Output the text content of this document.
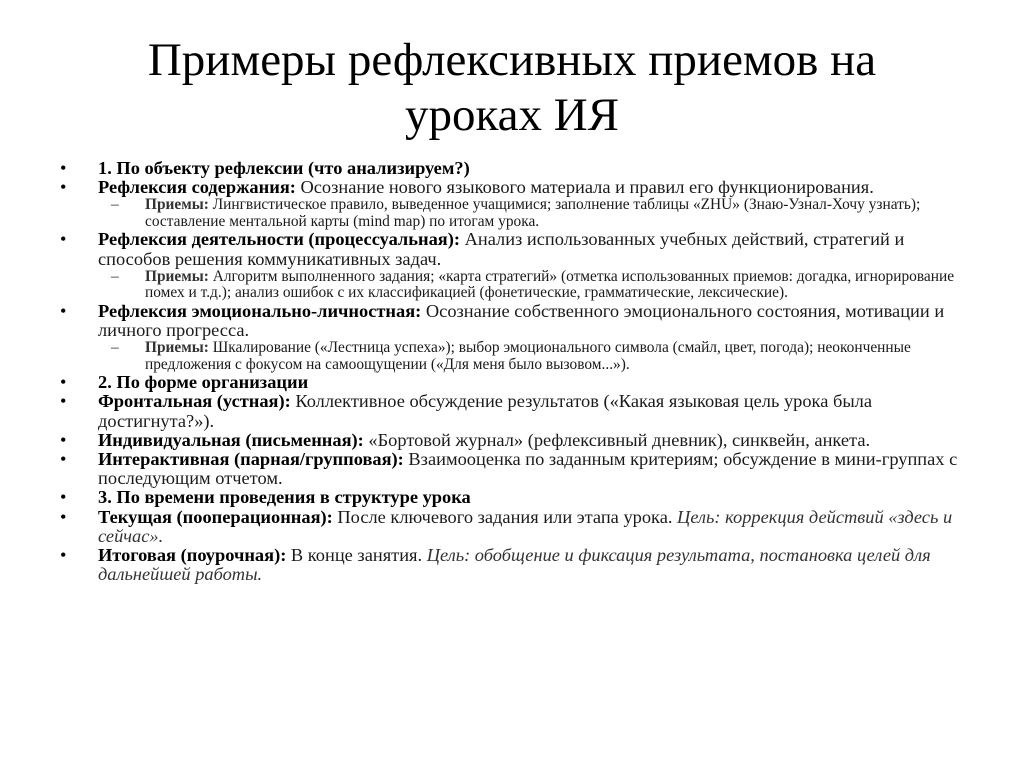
Примеры рефлексивных приемов на
уроках ИЯ
•	1. По объекту рефлексии (что анализируем?)
•	Рефлексия содержания: Осознание нового языкового материала и правил его функционирования.
– Приемы: Лингвистическое правило, выведенное учащимися; заполнение таблицы «ZHU» (Знаю-Узнал-Хочу узнать); составление ментальной карты (mind map) по итогам урока.
•	Рефлексия деятельности (процессуальная): Анализ использованных учебных действий, стратегий и способов решения коммуникативных задач.
– Приемы: Алгоритм выполненного задания; «карта стратегий» (отметка использованных приемов: догадка, игнорирование помех и т.д.); анализ ошибок с их классификацией (фонетические, грамматические, лексические).
•	Рефлексия эмоционально-личностная: Осознание собственного эмоционального состояния, мотивации и личного прогресса.
– Приемы: Шкалирование («Лестница успеха»); выбор эмоционального символа (смайл, цвет, погода); неоконченные предложения с фокусом на самоощущении («Для меня было вызовом...»).
•	2. По форме организации
•	Фронтальная (устная): Коллективное обсуждение результатов («Какая языковая цель урока была достигнута?»).
•	Индивидуальная (письменная): «Бортовой журнал» (рефлексивный дневник), синквейн, анкета.
•	Интерактивная (парная/групповая): Взаимооценка по заданным критериям; обсуждение в мини-группах с последующим отчетом.
•	3. По времени проведения в структуре урока
•	Текущая (пооперационная): После ключевого задания или этапа урока. Цель: коррекция действий «здесь и сейчас».
•	Итоговая (поурочная): В конце занятия. Цель: обобщение и фиксация результата, постановка целей для дальнейшей работы.
